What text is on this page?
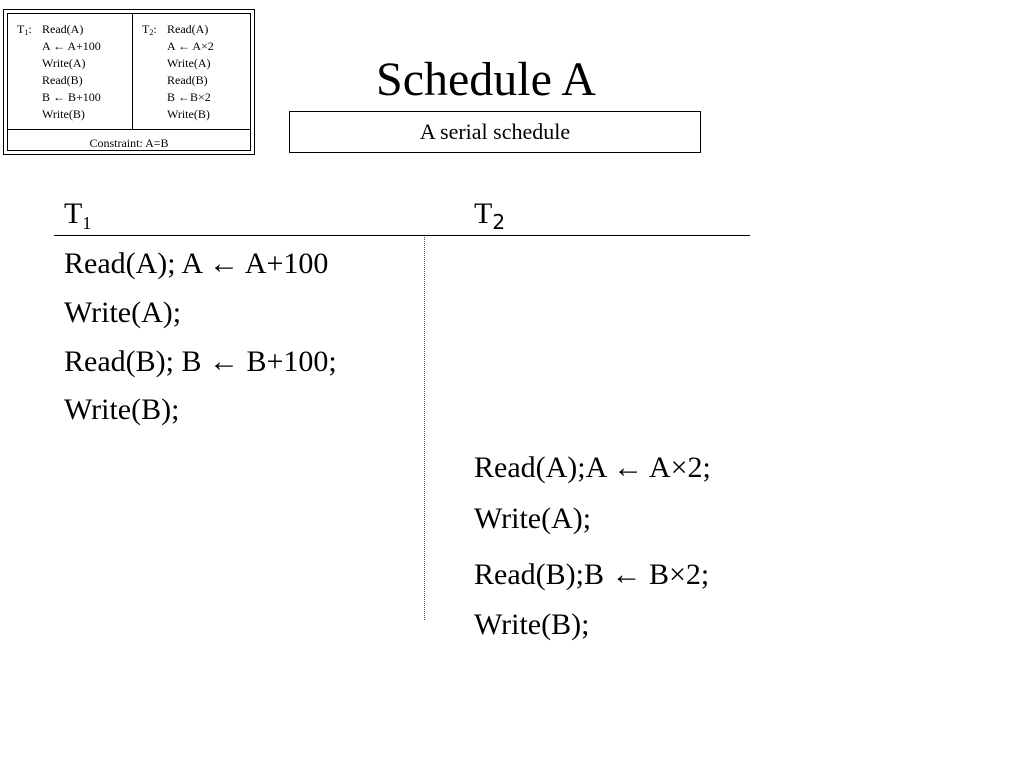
$T_1$: Read(A)
A ← A+100
Write(A)
Read(B)
B ← B+100
Write(B)
$T_2$: Read(A)
A ← A×2
Write(A)
Read(B)
B ←B×2
Write(B)
Constraint: A=B
Schedule A
A serial schedule
$T_1$	$T_2$
Read(A); A ← A+100
Write(A);
Read(B); B ← B+100;
Write(B);
Read(A);A ← A×2;
Write(A);
Read(B);B ← B×2;
Write(B);
